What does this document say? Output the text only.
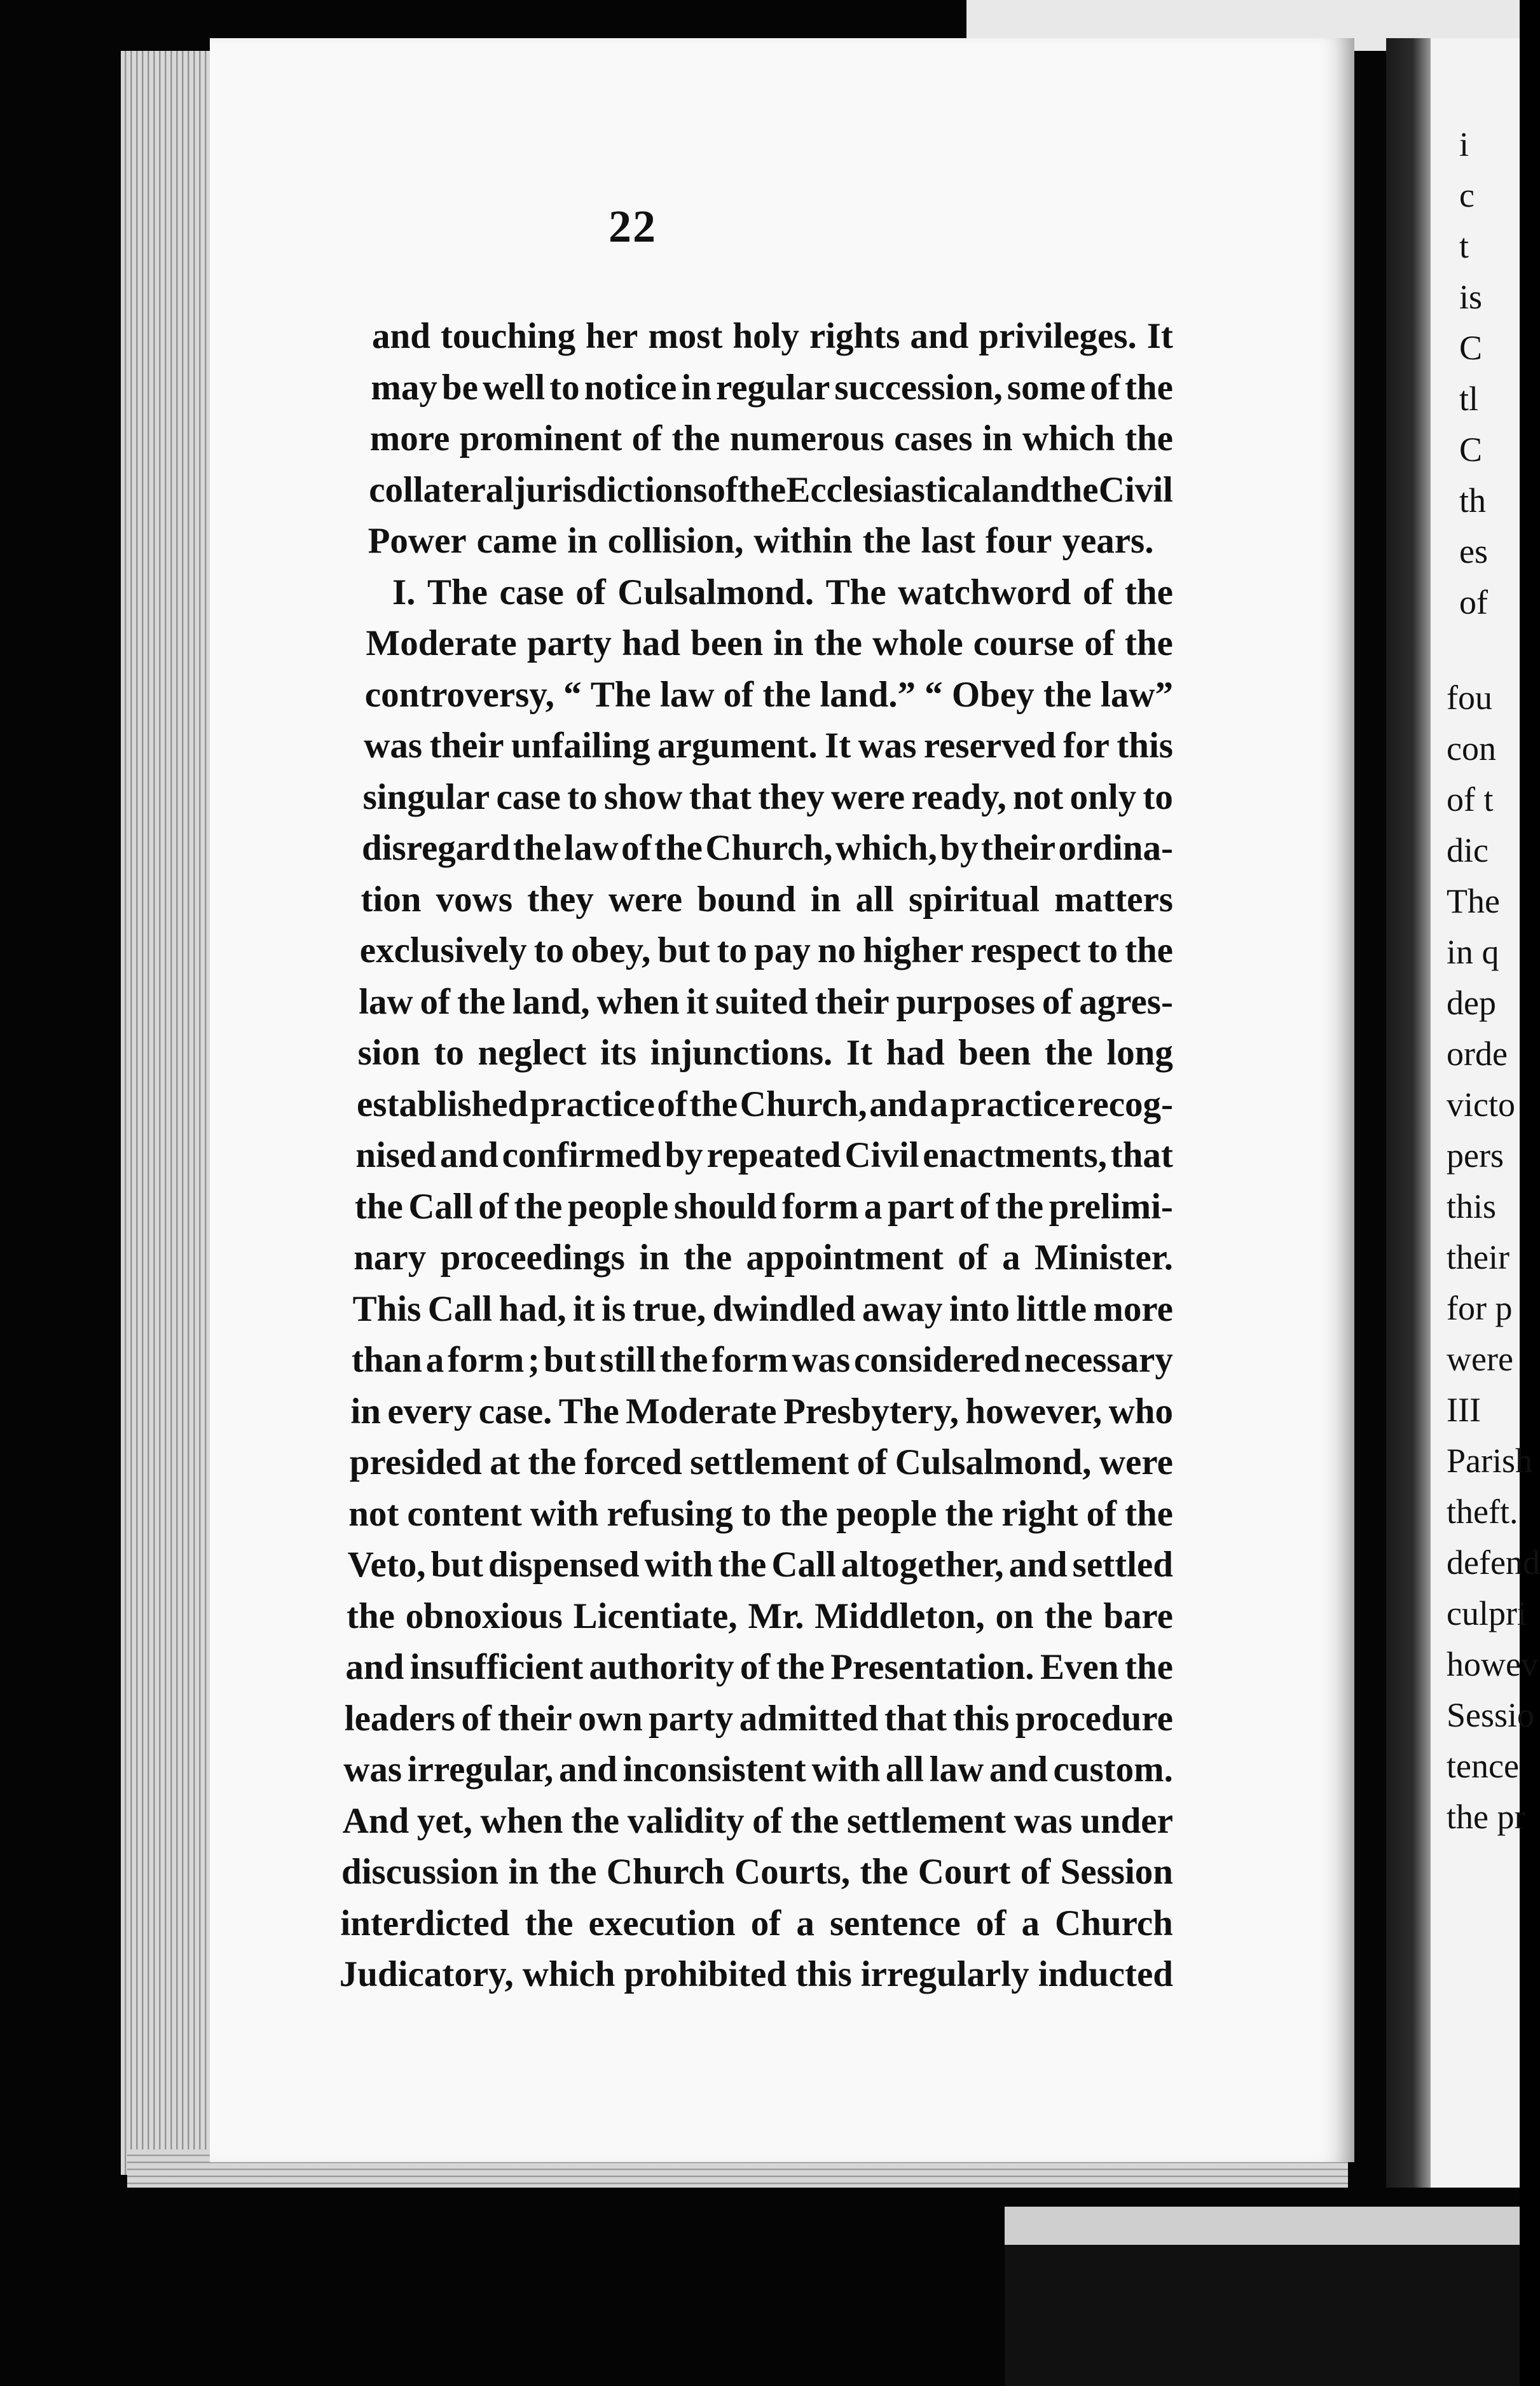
i
c
t
is
C
tl
C
th
es
of
fou
con
of t
dic
The
in q
dep
orde
victo
pers
this
their
for p
were
III
Parish
theft.
defend
culpri
howev
Sessio
tence
the pr
22
and touching her most holy rights and privileges. It
may be well to notice in regular succession, some of the
more prominent of the numerous cases in which the
collateral jurisdictions of the Ecclesiastical and the Civil
Power came in collision, within the last four years.
I. The case of Culsalmond. The watchword of the
Moderate party had been in the whole course of the
controversy, “ The law of the land.” “ Obey the law”
was their unfailing argument. It was reserved for this
singular case to show that they were ready, not only to
disregard the law of the Church, which, by their ordina-
tion vows they were bound in all spiritual matters
exclusively to obey, but to pay no higher respect to the
law of the land, when it suited their purposes of agres-
sion to neglect its injunctions. It had been the long
established practice of the Church, and a practice recog-
nised and confirmed by repeated Civil enactments, that
the Call of the people should form a part of the prelimi-
nary proceedings in the appointment of a Minister.
This Call had, it is true, dwindled away into little more
than a form ; but still the form was considered necessary
in every case. The Moderate Presbytery, however, who
presided at the forced settlement of Culsalmond, were
not content with refusing to the people the right of the
Veto, but dispensed with the Call altogether, and settled
the obnoxious Licentiate, Mr. Middleton, on the bare
and insufficient authority of the Presentation. Even the
leaders of their own party admitted that this procedure
was irregular, and inconsistent with all law and custom.
And yet, when the validity of the settlement was under
discussion in the Church Courts, the Court of Session
interdicted the execution of a sentence of a Church
Judicatory, which prohibited this irregularly inducted
